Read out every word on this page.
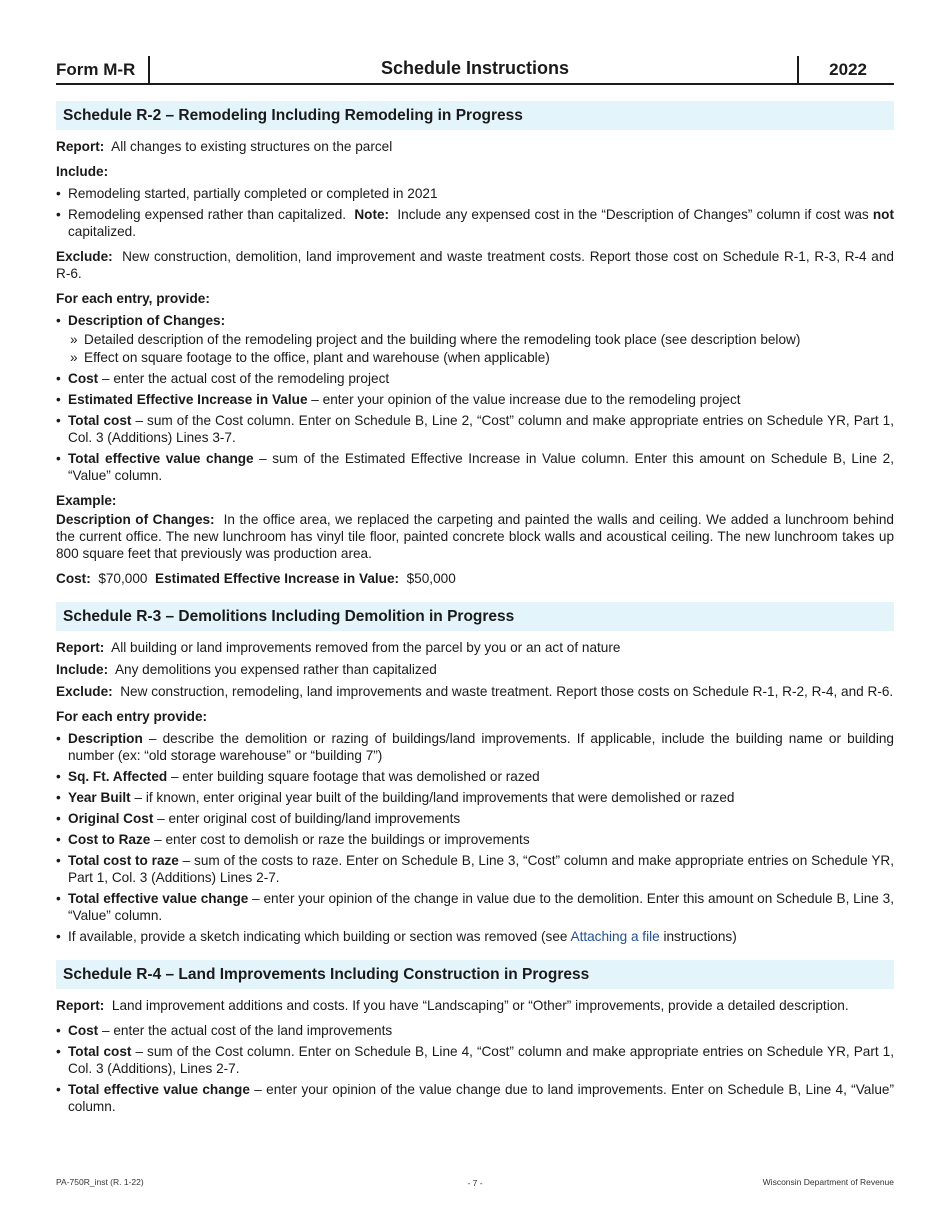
Form M-R	Schedule Instructions	2022
Schedule R-2 – Remodeling Including Remodeling in Progress

Report: All changes to existing structures on the parcel

Include:

• Remodeling started, partially completed or completed in 2021
• Remodeling expensed rather than capitalized. Note: Include any expensed cost in the “Description of Changes” column if cost was not capitalized.

Exclude: New construction, demolition, land improvement and waste treatment costs. Report those cost on Schedule R-1, R-3, R-4 and R-6.

For each entry, provide:

• Description of Changes:
» Detailed description of the remodeling project and the building where the remodeling took place (see description below)
» Effect on square footage to the office, plant and warehouse (when applicable)
• Cost – enter the actual cost of the remodeling project
• Estimated Effective Increase in Value – enter your opinion of the value increase due to the remodeling project
• Total cost – sum of the Cost column. Enter on Schedule B, Line 2, “Cost” column and make appropriate entries on Schedule YR, Part 1, Col. 3 (Additions) Lines 3-7.
• Total effective value change – sum of the Estimated Effective Increase in Value column. Enter this amount on Schedule B, Line 2, “Value” column.

Example:

Description of Changes: In the office area, we replaced the carpeting and painted the walls and ceiling. We added a lunchroom behind the current office. The new lunchroom has vinyl tile floor, painted concrete block walls and acoustical ceiling. The new lunchroom takes up 800 square feet that previously was production area.

Cost: $70,000 Estimated Effective Increase in Value: $50,000

Schedule R-3 – Demolitions Including Demolition in Progress

Report: All building or land improvements removed from the parcel by you or an act of nature

Include: Any demolitions you expensed rather than capitalized

Exclude: New construction, remodeling, land improvements and waste treatment. Report those costs on Schedule R-1, R-2, R-4, and R-6.

For each entry provide:

• Description – describe the demolition or razing of buildings/land improvements. If applicable, include the building name or building number (ex: “old storage warehouse” or “building 7”)
• Sq. Ft. Affected – enter building square footage that was demolished or razed
• Year Built – if known, enter original year built of the building/land improvements that were demolished or razed
• Original Cost – enter original cost of building/land improvements
• Cost to Raze – enter cost to demolish or raze the buildings or improvements
• Total cost to raze – sum of the costs to raze. Enter on Schedule B, Line 3, “Cost” column and make appropriate entries on Schedule YR, Part 1, Col. 3 (Additions) Lines 2-7.
• Total effective value change – enter your opinion of the change in value due to the demolition. Enter this amount on Schedule B, Line 3, “Value” column.
• If available, provide a sketch indicating which building or section was removed (see Attaching a file instructions)
Schedule R-4 – Land Improvements Including Construction in Progress

Report: Land improvement additions and costs. If you have “Landscaping” or “Other” improvements, provide a detailed description.

• Cost – enter the actual cost of the land improvements
• Total cost – sum of the Cost column. Enter on Schedule B, Line 4, “Cost” column and make appropriate entries on Schedule YR, Part 1, Col. 3 (Additions), Lines 2-7.
• Total effective value change – enter your opinion of the value change due to land improvements. Enter on Schedule B, Line 4, “Value” column.
PA-750R_inst (R. 1-22)	- 7 -	Wisconsin Department of Revenue
